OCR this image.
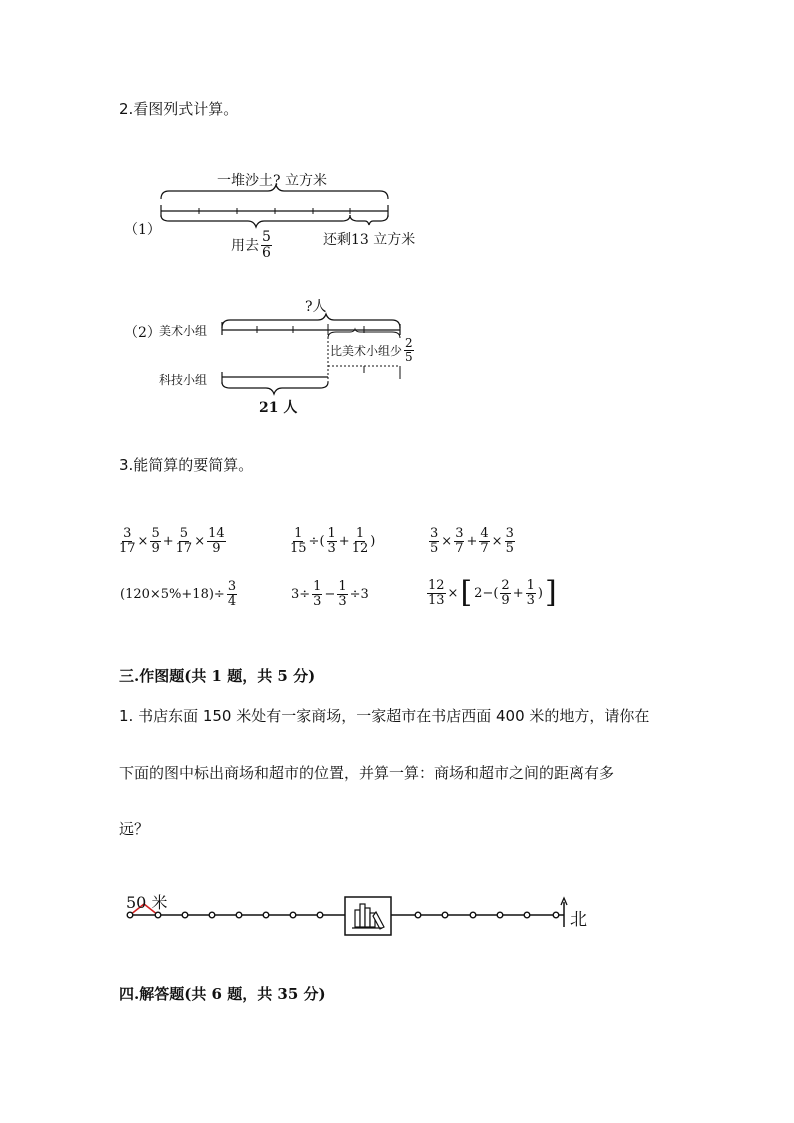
2.看图列式计算。
一堆沙土? 立方米
（1）
用去 $\frac{5}{6}$	还剩13 立方米
?人
（2）
美术小组
科技小组
比美术小组少 $\frac{2}{5}$
21 人
3.能简算的要简算。
$\frac{3}{17} \times \frac{5}{9} + \frac{5}{17} \times \frac{14}{9}$	$\frac{1}{15}$ ÷( $\frac{1}{3} + \frac{1}{12}$ )	$\frac{3}{5} \times \frac{3}{7} + \frac{4}{7} \times \frac{3}{5}$
$(120\times 5\%+18)\div \frac{3}{4}$	$3\div \frac{1}{3} - \frac{1}{3} \div 3$	$\frac{12}{13}$ × [ $2-( \frac{2}{9} + \frac{1}{3}$ ) ]
三.作图题(共 1 题，共 5 分)
1. 书店东面 150 米处有一家商场，一家超市在书店西面 400 米的地方，请你在
下面的图中标出商场和超市的位置，并算一算：商场和超市之间的距离有多
远？
50 米
北
四.解答题(共 6 题，共 35 分)
